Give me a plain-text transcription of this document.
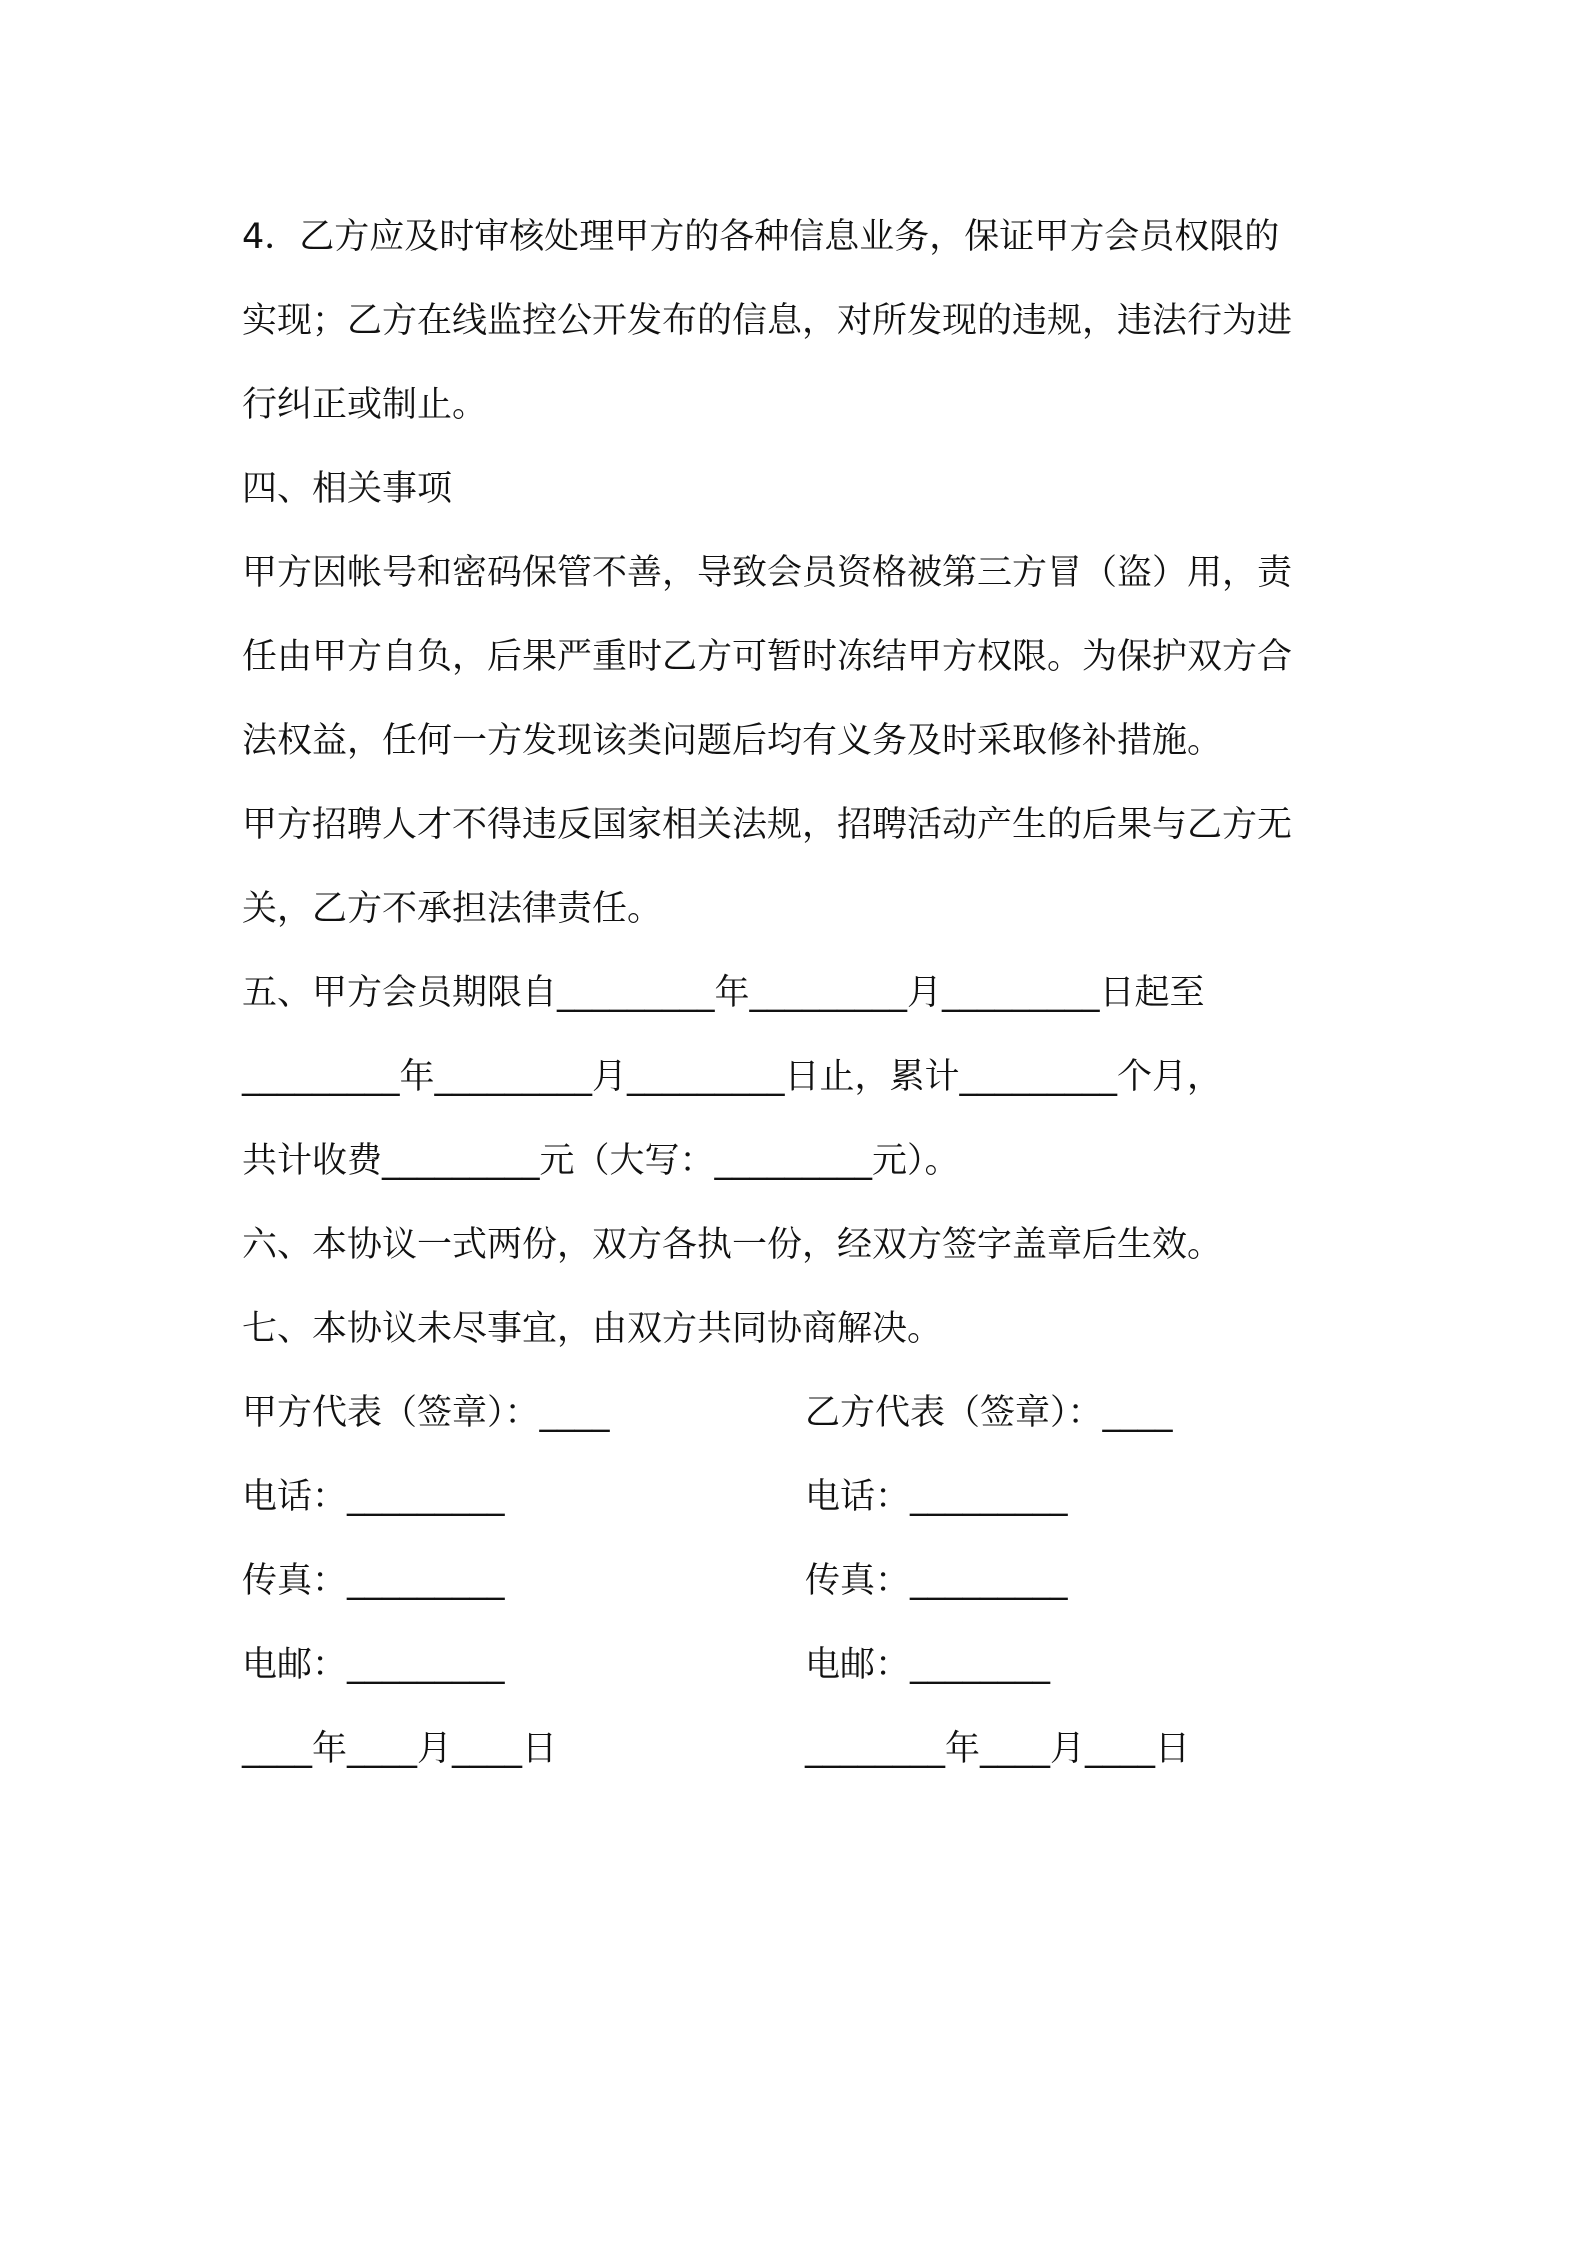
4．乙方应及时审核处理甲方的各种信息业务，保证甲方会员权限的
实现；乙方在线监控公开发布的信息，对所发现的违规，违法行为进
行纠正或制止。
四、相关事项
甲方因帐号和密码保管不善，导致会员资格被第三方冒（盗）用，责
任由甲方自负，后果严重时乙方可暂时冻结甲方权限。为保护双方合
法权益，任何一方发现该类问题后均有义务及时采取修补措施。
甲方招聘人才不得违反国家相关法规，招聘活动产生的后果与乙方无
关，乙方不承担法律责任。
五、甲方会员期限自_________年_________月_________日起至
_________年_________月_________日止，累计_________个月，
共计收费_________元（大写：_________元）。
六、本协议一式两份，双方各执一份，经双方签字盖章后生效。
七、本协议未尽事宜，由双方共同协商解决。

甲方代表（签章）：____

	乙方代表（签章）：____

电话：_________

	电话：_________

传真：_________

	传真：_________

电邮：_________

	电邮：________

____年____月____日

	________年____月____日
